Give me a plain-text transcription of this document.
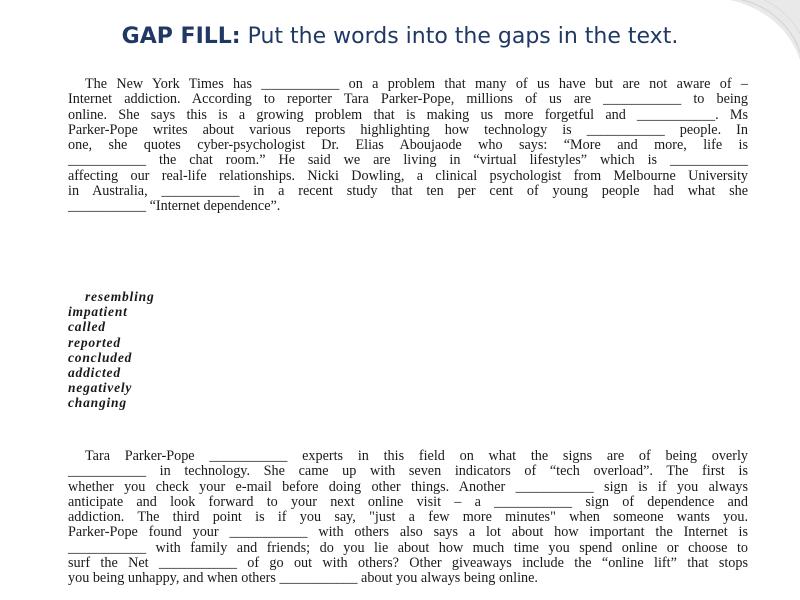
GAP FILL: Put the words into the gaps in the text.
The New York Times has ___________ on a problem that many of us have but are not aware of –
Internet addiction. According to reporter Tara Parker-Pope, millions of us are ___________ to being
online. She says this is a growing problem that is making us more forgetful and ___________. Ms
Parker-Pope writes about various reports highlighting how technology is ___________ people. In
one, she quotes cyber-psychologist Dr. Elias Aboujaode who says: “More and more, life is
___________ the chat room.” He said we are living in “virtual lifestyles” which is ___________
affecting our real-life relationships. Nicki Dowling, a clinical psychologist from Melbourne University
in Australia, ___________ in a recent study that ten per cent of young people had what she
___________ “Internet dependence”.
resembling
impatient
called
reported
concluded
addicted
negatively
changing
Tara Parker-Pope ___________ experts in this field on what the signs are of being overly
___________ in technology. She came up with seven indicators of “tech overload”. The first is
whether you check your e-mail before doing other things. Another ___________ sign is if you always
anticipate and look forward to your next online visit – a ___________ sign of dependence and
addiction. The third point is if you say, "just a few more minutes" when someone wants you.
Parker-Pope found your ___________ with others also says a lot about how important the Internet is
___________ with family and friends; do you lie about how much time you spend online or choose to
surf the Net ___________ of go out with others? Other giveaways include the “online lift” that stops
you being unhappy, and when others ___________ about you always being online.
